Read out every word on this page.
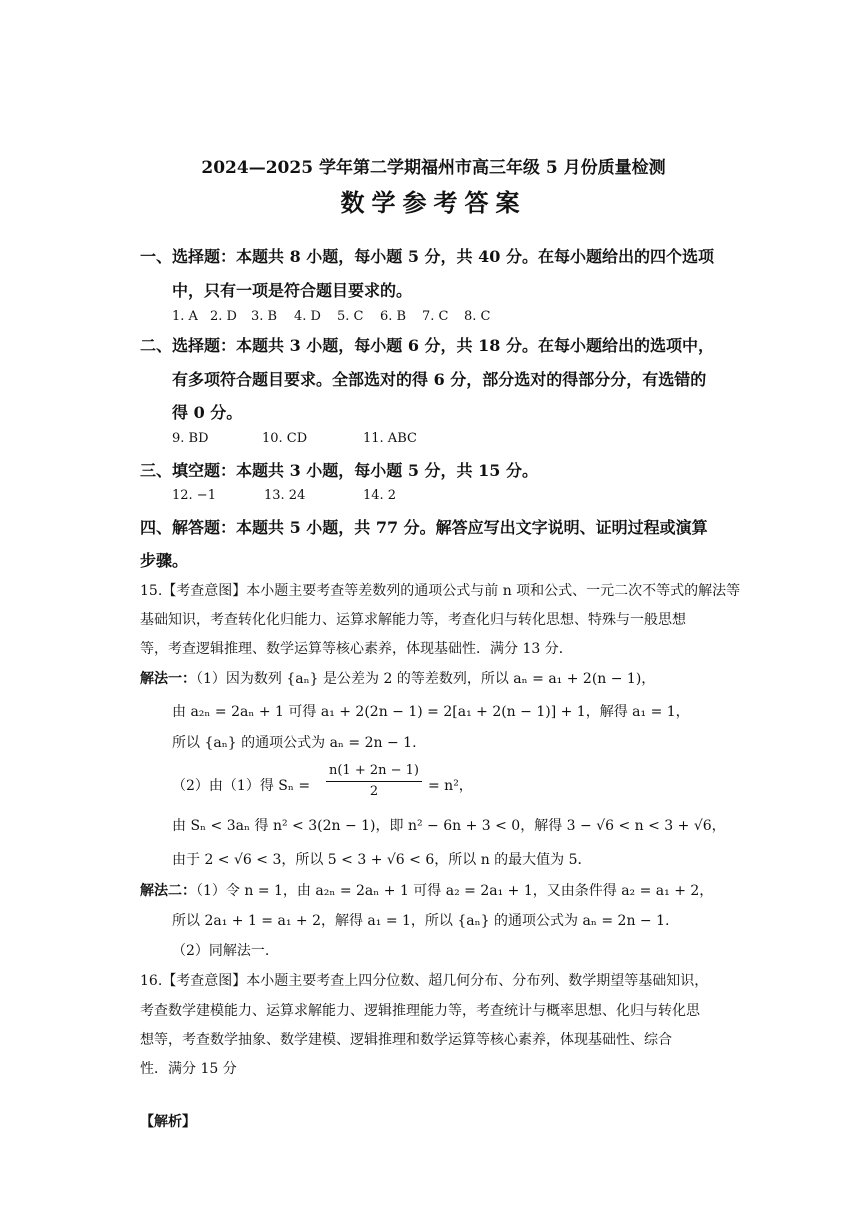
2024—2025 学年第二学期福州市高三年级 5 月份质量检测
数学参考答案
一、选择题：本题共 8 小题，每小题 5 分，共 40 分。在每小题给出的四个选项
中，只有一项是符合题目要求的。
1. A 2. D 3. B 4. D 5. C 6. B 7. C 8. C
二、选择题：本题共 3 小题，每小题 6 分，共 18 分。在每小题给出的选项中，
有多项符合题目要求。全部选对的得 6 分，部分选对的得部分分，有选错的
得 0 分。
9. BD	10. CD	11. ABC
三、填空题：本题共 3 小题，每小题 5 分，共 15 分。
12. −1	13. 24	14. 2
四、解答题：本题共 5 小题，共 77 分。解答应写出文字说明、证明过程或演算
步骤。
15.【考查意图】本小题主要考查等差数列的通项公式与前 n 项和公式、一元二次不等式的解法等
基础知识，考查转化化归能力、运算求解能力等，考查化归与转化思想、特殊与一般思想
等，考查逻辑推理、数学运算等核心素养，体现基础性．满分 13 分．
解法一：（1）因为数列 {aₙ} 是公差为 2 的等差数列，所以 aₙ = a₁ + 2(n − 1)，
由 a₂ₙ = 2aₙ + 1 可得 a₁ + 2(2n − 1) = 2[a₁ + 2(n − 1)] + 1，解得 a₁ = 1，
所以 {aₙ} 的通项公式为 aₙ = 2n − 1.
（2）由（1）得 Sₙ =
n(1 + 2n − 1)
2	= n²，
由 Sₙ < 3aₙ 得 n² < 3(2n − 1)，即 n² − 6n + 3 < 0，解得 3 − √6 < n < 3 + √6，
由于 2 < √6 < 3，所以 5 < 3 + √6 < 6，所以 n 的最大值为 5．
解法二：（1）令 n = 1，由 a₂ₙ = 2aₙ + 1 可得 a₂ = 2a₁ + 1，又由条件得 a₂ = a₁ + 2，
所以 2a₁ + 1 = a₁ + 2，解得 a₁ = 1，所以 {aₙ} 的通项公式为 aₙ = 2n − 1.
（2）同解法一.
16.【考查意图】本小题主要考查上四分位数、超几何分布、分布列、数学期望等基础知识，
考查数学建模能力、运算求解能力、逻辑推理能力等，考查统计与概率思想、化归与转化思
想等，考查数学抽象、数学建模、逻辑推理和数学运算等核心素养，体现基础性、综合
性．满分 15 分
【解析】
